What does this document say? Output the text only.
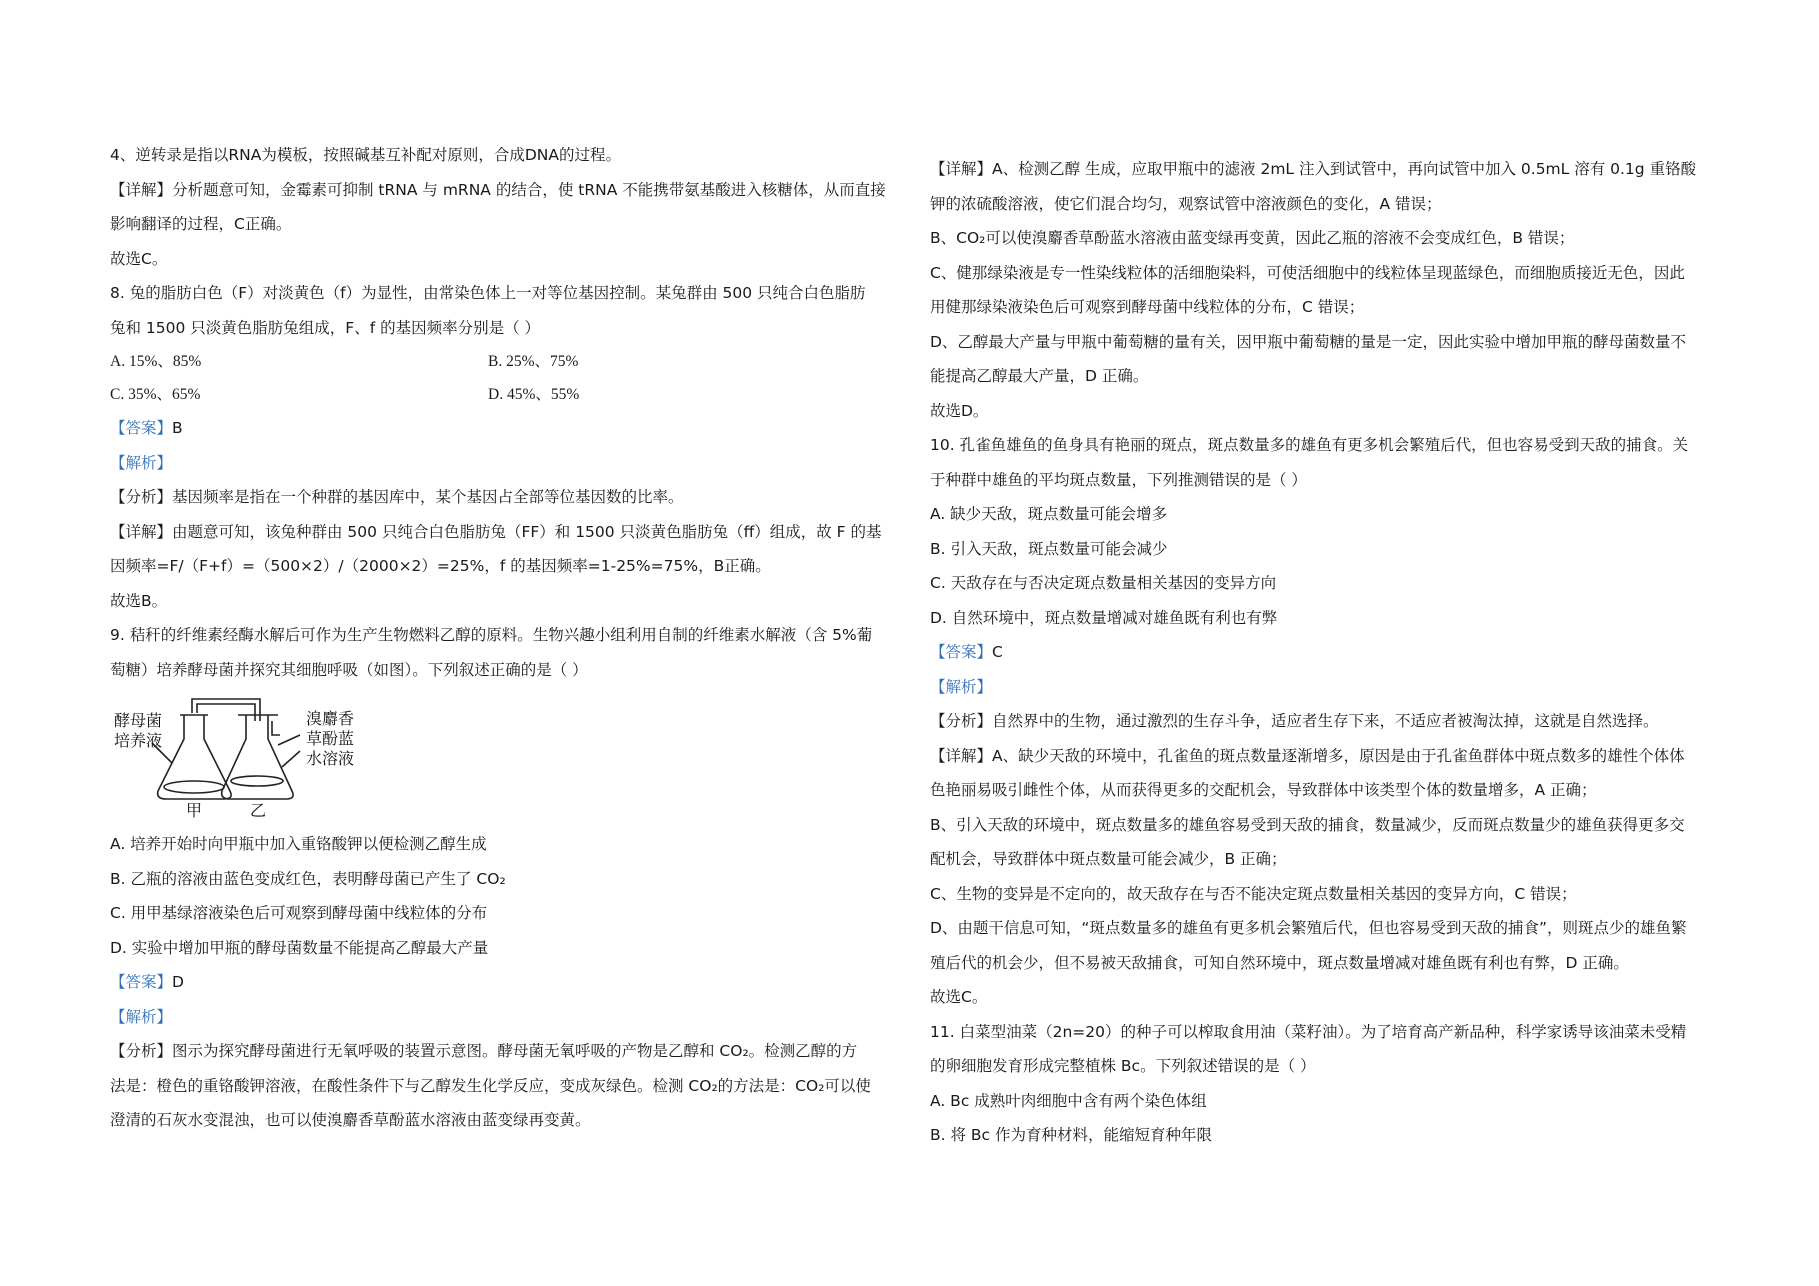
4、逆转录是指以RNA为模板，按照碱基互补配对原则，合成DNA的过程。
【详解】分析题意可知，金霉素可抑制 tRNA 与 mRNA 的结合，使 tRNA 不能携带氨基酸进入核糖体，从而直接
影响翻译的过程，C正确。
故选C。
8. 兔的脂肪白色（F）对淡黄色（f）为显性，由常染色体上一对等位基因控制。某兔群由 500 只纯合白色脂肪
兔和 1500 只淡黄色脂肪兔组成，F、f 的基因频率分别是（ ）
A. 15%、85%	B. 25%、75%
C. 35%、65%	D. 45%、55%
【答案】B
【解析】
【分析】基因频率是指在一个种群的基因库中，某个基因占全部等位基因数的比率。
【详解】由题意可知，该兔种群由 500 只纯合白色脂肪兔（FF）和 1500 只淡黄色脂肪兔（ff）组成，故 F 的基
因频率=F/（F+f）=（500×2）/（2000×2）=25%，f 的基因频率=1-25%=75%，B正确。
故选B。
9. 秸秆的纤维素经酶水解后可作为生产生物燃料乙醇的原料。生物兴趣小组利用自制的纤维素水解液（含 5%葡
萄糖）培养酵母菌并探究其细胞呼吸（如图）。下列叙述正确的是（ ）
酵母菌
培养液
溴麝香
草酚蓝
水溶液
甲	乙
A. 培养开始时向甲瓶中加入重铬酸钾以便检测乙醇生成
B. 乙瓶的溶液由蓝色变成红色，表明酵母菌已产生了 CO₂
C. 用甲基绿溶液染色后可观察到酵母菌中线粒体的分布
D. 实验中增加甲瓶的酵母菌数量不能提高乙醇最大产量
【答案】D
【解析】
【分析】图示为探究酵母菌进行无氧呼吸的装置示意图。酵母菌无氧呼吸的产物是乙醇和 CO₂。检测乙醇的方
法是：橙色的重铬酸钾溶液，在酸性条件下与乙醇发生化学反应，变成灰绿色。检测 CO₂的方法是：CO₂可以使
澄清的石灰水变混浊，也可以使溴麝香草酚蓝水溶液由蓝变绿再变黄。
【详解】A、检测乙醇 生成，应取甲瓶中的滤液 2mL 注入到试管中，再向试管中加入 0.5mL 溶有 0.1g 重铬酸
钾的浓硫酸溶液，使它们混合均匀，观察试管中溶液颜色的变化，A 错误；
B、CO₂可以使溴麝香草酚蓝水溶液由蓝变绿再变黄，因此乙瓶的溶液不会变成红色，B 错误；
C、健那绿染液是专一性染线粒体的活细胞染料，可使活细胞中的线粒体呈现蓝绿色，而细胞质接近无色，因此
用健那绿染液染色后可观察到酵母菌中线粒体的分布，C 错误；
D、乙醇最大产量与甲瓶中葡萄糖的量有关，因甲瓶中葡萄糖的量是一定，因此实验中增加甲瓶的酵母菌数量不
能提高乙醇最大产量，D 正确。
故选D。
10. 孔雀鱼雄鱼的鱼身具有艳丽的斑点，斑点数量多的雄鱼有更多机会繁殖后代，但也容易受到天敌的捕食。关
于种群中雄鱼的平均斑点数量，下列推测错误的是（ ）
A. 缺少天敌，斑点数量可能会增多
B. 引入天敌，斑点数量可能会减少
C. 天敌存在与否决定斑点数量相关基因的变异方向
D. 自然环境中，斑点数量增减对雄鱼既有利也有弊
【答案】C
【解析】
【分析】自然界中的生物，通过激烈的生存斗争，适应者生存下来，不适应者被淘汰掉，这就是自然选择。
【详解】A、缺少天敌的环境中，孔雀鱼的斑点数量逐渐增多，原因是由于孔雀鱼群体中斑点数多的雄性个体体
色艳丽易吸引雌性个体，从而获得更多的交配机会，导致群体中该类型个体的数量增多，A 正确；
B、引入天敌的环境中，斑点数量多的雄鱼容易受到天敌的捕食，数量减少，反而斑点数量少的雄鱼获得更多交
配机会，导致群体中斑点数量可能会减少，B 正确；
C、生物的变异是不定向的，故天敌存在与否不能决定斑点数量相关基因的变异方向，C 错误；
D、由题干信息可知，“斑点数量多的雄鱼有更多机会繁殖后代，但也容易受到天敌的捕食”，则斑点少的雄鱼繁
殖后代的机会少，但不易被天敌捕食，可知自然环境中，斑点数量增减对雄鱼既有利也有弊，D 正确。
故选C。
11. 白菜型油菜（2n=20）的种子可以榨取食用油（菜籽油）。为了培育高产新品种，科学家诱导该油菜未受精
的卵细胞发育形成完整植株 Bc。下列叙述错误的是（ ）
A. Bc 成熟叶肉细胞中含有两个染色体组
B. 将 Bc 作为育种材料，能缩短育种年限
